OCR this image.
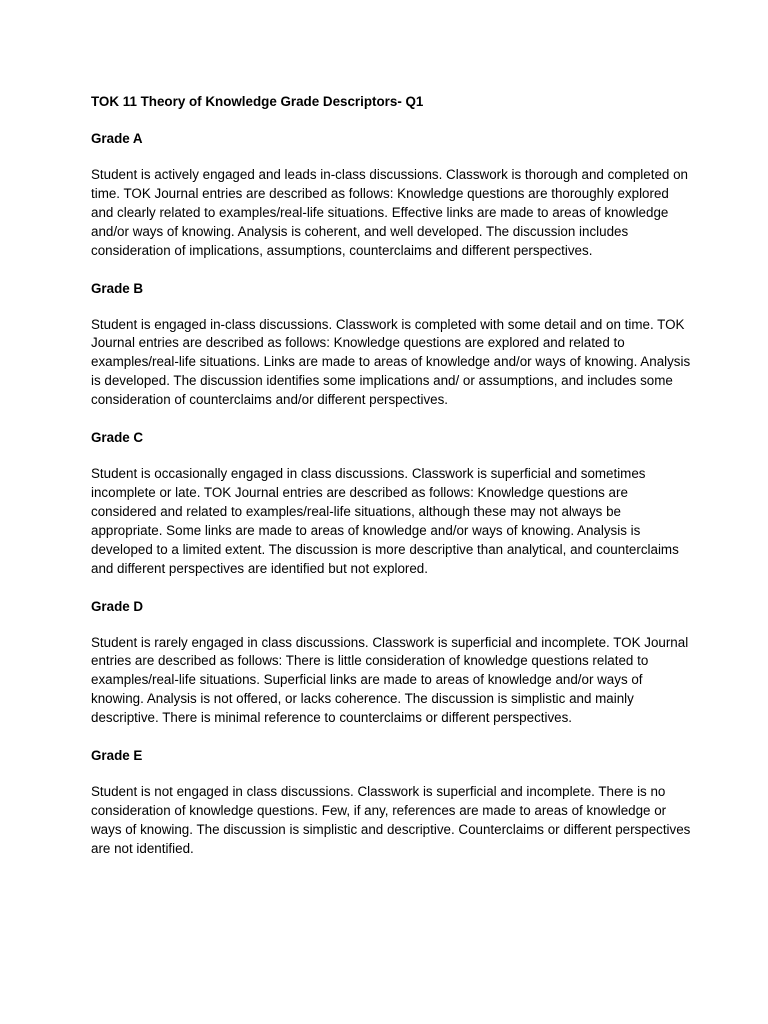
TOK 11 Theory of Knowledge Grade Descriptors- Q1
Grade A
Student is actively engaged and leads in-class discussions. Classwork is thorough and completed on time. TOK Journal entries are described as follows: Knowledge questions are thoroughly explored and clearly related to examples/real-life situations. Effective links are made to areas of knowledge and/or ways of knowing. Analysis is coherent, and well developed. The discussion includes consideration of implications, assumptions, counterclaims and different perspectives.
Grade B
Student is engaged in-class discussions. Classwork is completed with some detail and on time. TOK Journal entries are described as follows: Knowledge questions are explored and related to examples/real-life situations. Links are made to areas of knowledge and/or ways of knowing. Analysis is developed. The discussion identifies some implications and/ or assumptions, and includes some consideration of counterclaims and/or different perspectives.
Grade C
Student is occasionally engaged in class discussions. Classwork is superficial and sometimes incomplete or late. TOK Journal entries are described as follows: Knowledge questions are considered and related to examples/real-life situations, although these may not always be appropriate. Some links are made to areas of knowledge and/or ways of knowing. Analysis is developed to a limited extent. The discussion is more descriptive than analytical, and counterclaims and different perspectives are identified but not explored.
Grade D
Student is rarely engaged in class discussions. Classwork is superficial and incomplete. TOK Journal entries are described as follows: There is little consideration of knowledge questions related to examples/real-life situations. Superficial links are made to areas of knowledge and/or ways of knowing. Analysis is not offered, or lacks coherence. The discussion is simplistic and mainly descriptive. There is minimal reference to counterclaims or different perspectives.
Grade E
Student is not engaged in class discussions. Classwork is superficial and incomplete. There is no consideration of knowledge questions. Few, if any, references are made to areas of knowledge or ways of knowing. The discussion is simplistic and descriptive. Counterclaims or different perspectives are not identified.
